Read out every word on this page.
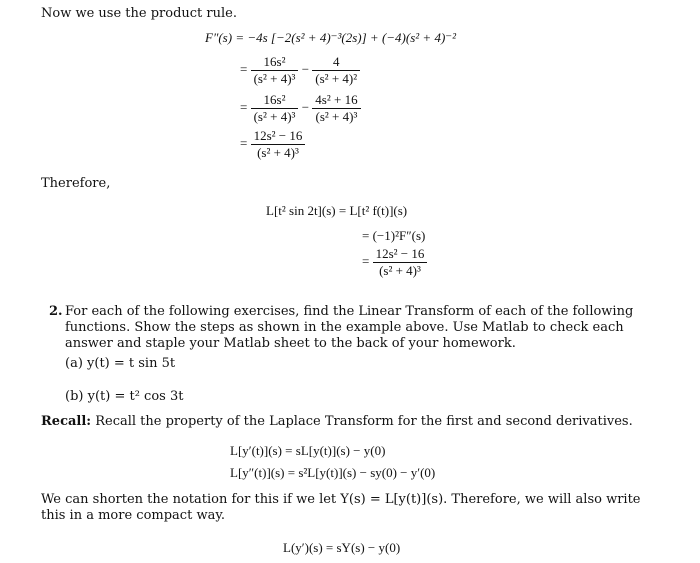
Now we use the product rule.
F″(s) = −4s [−2(s² + 4)⁻³(2s)] + (−4)(s² + 4)⁻²
= $\frac{\text{16s²}}{\text{(s² + 4)³}} - \frac{4}{\text{(s² + 4)²}}$
= $\frac{\text{16s²}}{\text{(s² + 4)³}} - \frac{\text{4s² + 16}}{\text{(s² + 4)³}}$
= $\frac{\text{12s² − 16}}{\text{(s² + 4)³}}$
Therefore,
L[t² sin 2t](s) = L[t² f(t)](s)
= (−1)²F″(s)
= $\frac{\text{12s² − 16}}{\text{(s² + 4)³}}$
2. For each of the following exercises, find the Linear Transform of each of the following functions. Show the steps as shown in the example above. Use Matlab to check each answer and staple your Matlab sheet to the back of your homework.
(a) y(t) = t sin 5t
(b) y(t) = t² cos 3t
Recall: Recall the property of the Laplace Transform for the first and second derivatives.
L[y′(t)](s) = sL[y(t)](s) − y(0)
L[y″(t)](s) = s²L[y(t)](s) − sy(0) − y′(0)
We can shorten the notation for this if we let Y(s) = L[y(t)](s). Therefore, we will also write this in a more compact way.
L(y′)(s) = sY(s) − y(0)
